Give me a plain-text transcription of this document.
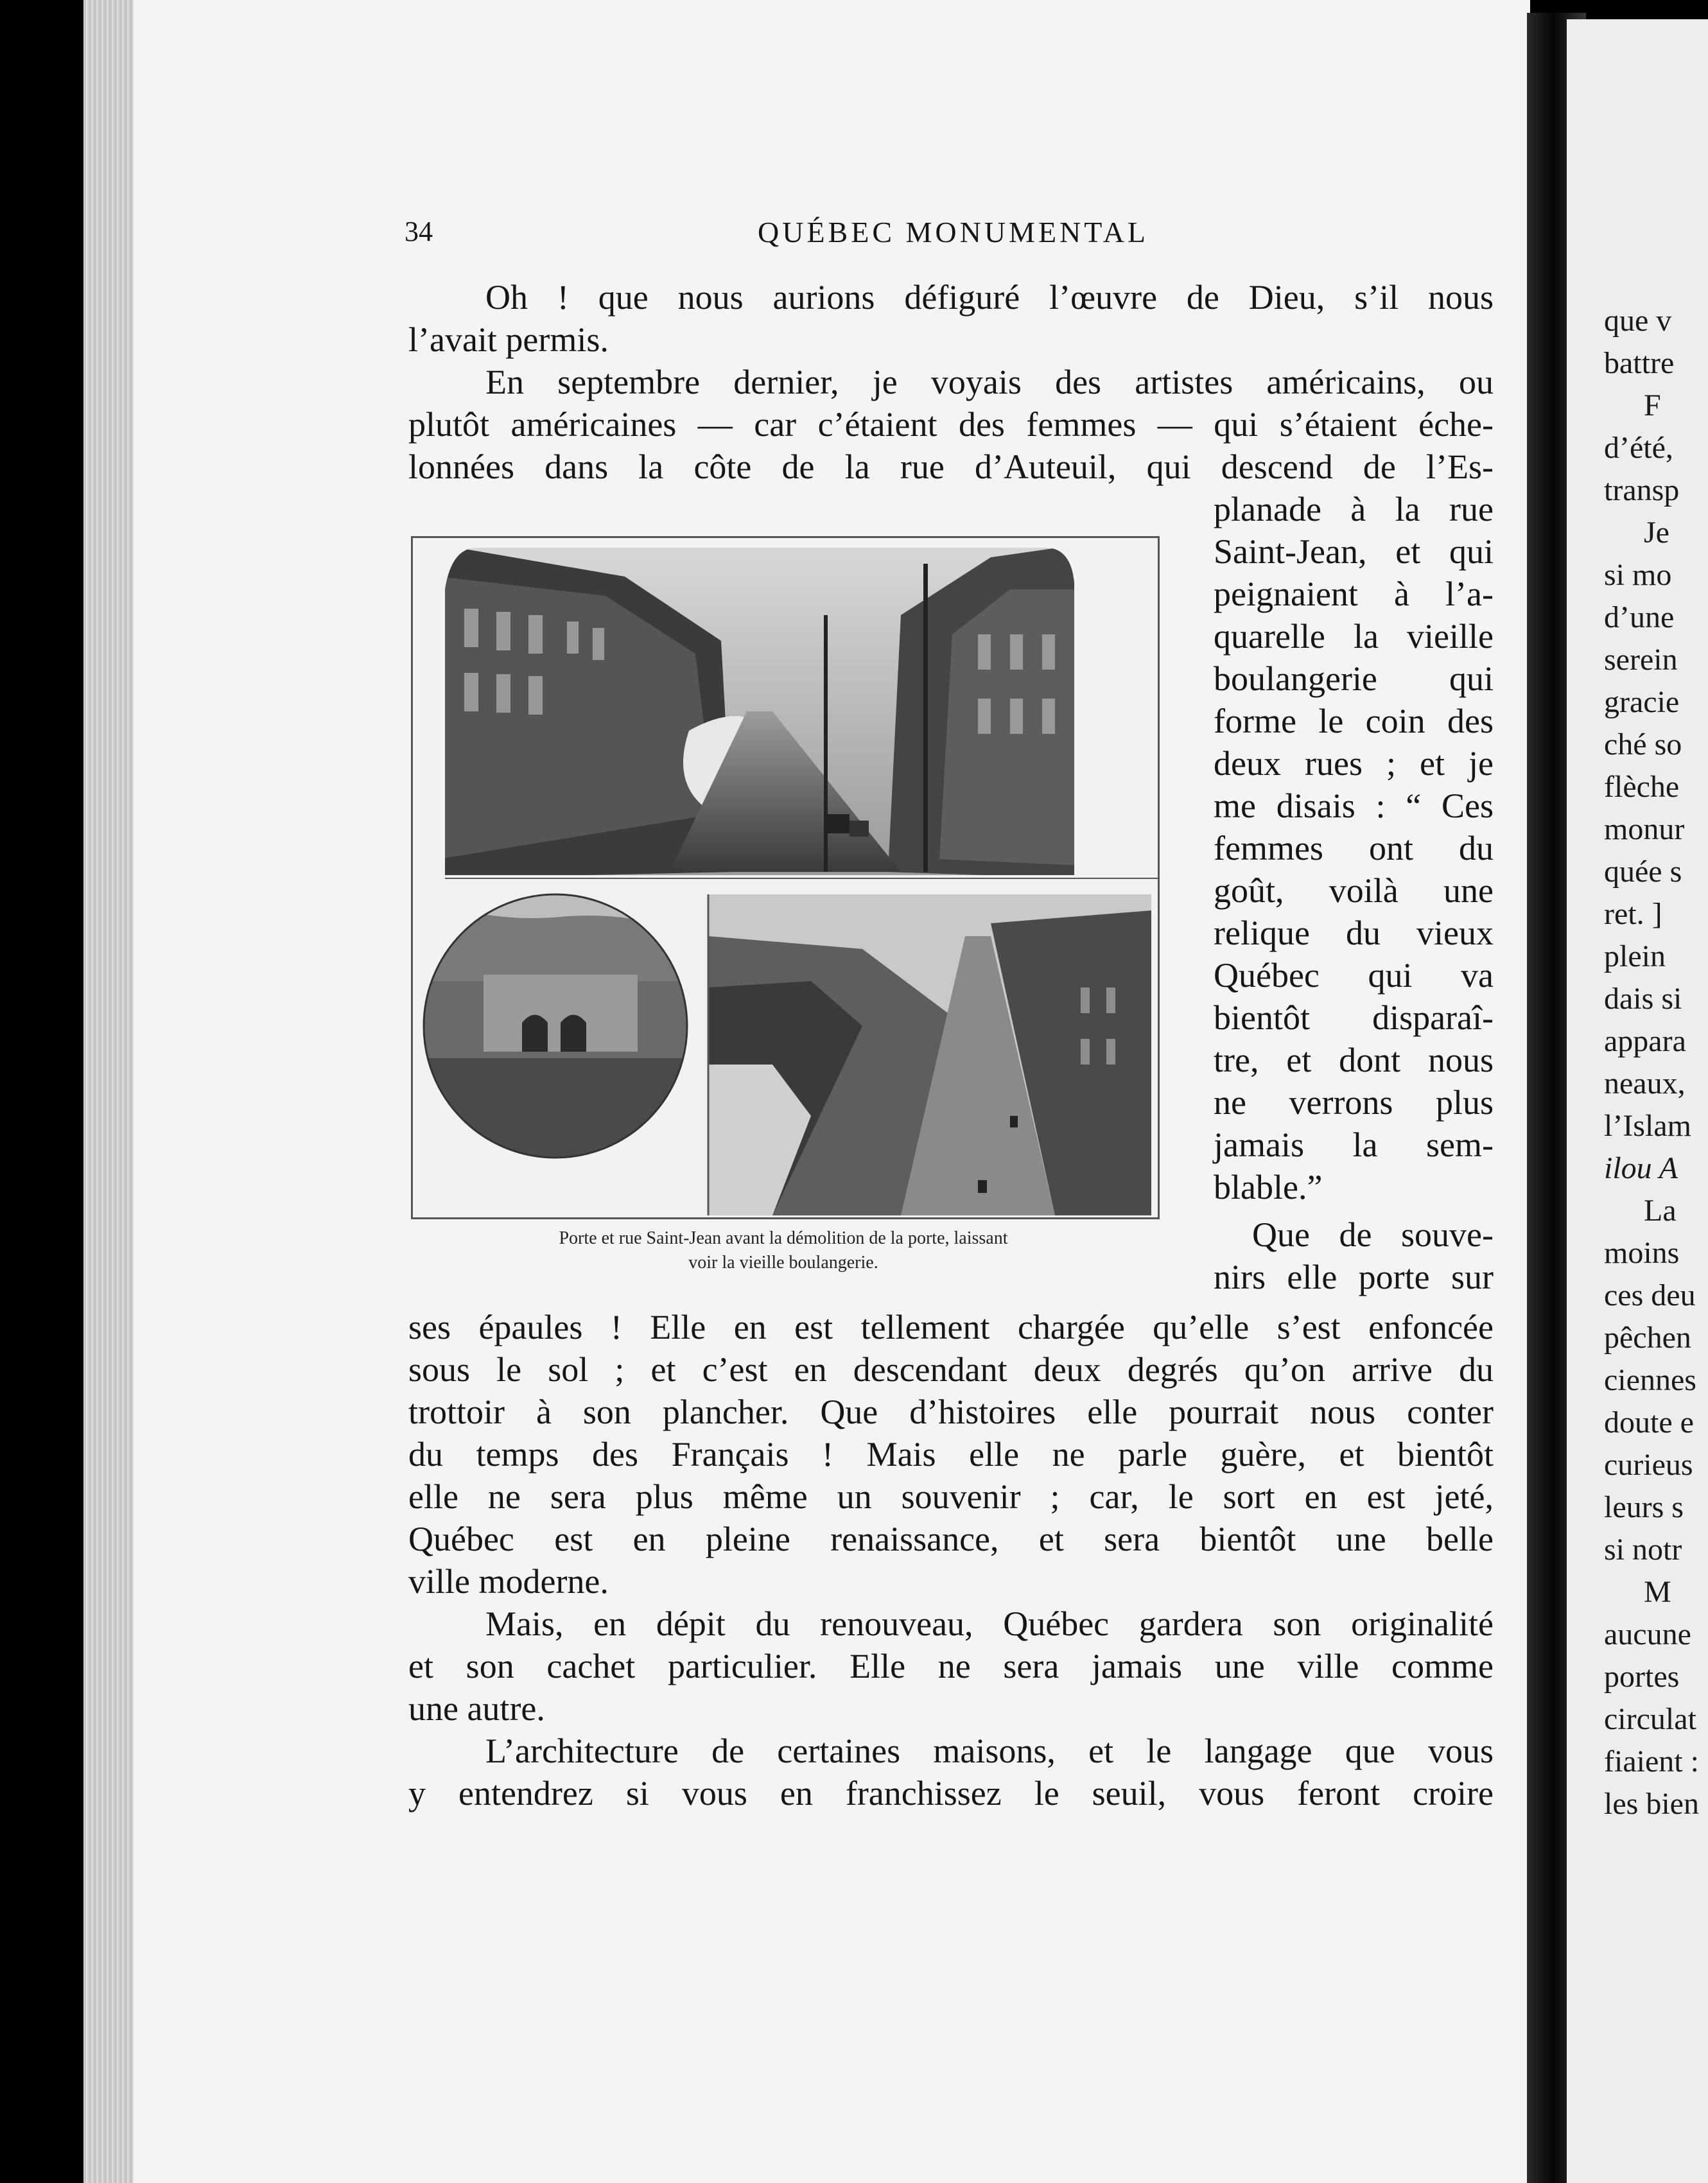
que v
battre
F
d’été,
transp
Je
si mo
d’une
serein
gracie
ché so
flèche
monur
quée s
ret. ]
plein
dais si
appara
neaux,
l’Islam
ilou A
La
moins
ces deu
pêchen
ciennes
doute e
curieus
leurs s
si notr
M
aucune
portes
circulat
fiaient :
les bien
34	QUÉBEC MONUMENTAL
Oh ! que nous aurions défiguré l’œuvre de Dieu, s’il nous
l’avait permis.
En septembre dernier, je voyais des artistes américains, ou
plutôt américaines — car c’étaient des femmes — qui s’étaient éche-
lonnées dans la côte de la rue d’Auteuil, qui descend de l’Es-
planade à la rue
Saint-Jean, et qui
peignaient à l’a-
quarelle la vieille
boulangerie qui
forme le coin des
deux rues ; et je
me disais : “ Ces
femmes ont du
goût, voilà une
relique du vieux
Québec qui va
bientôt disparaî-
tre, et dont nous
ne verrons plus
jamais la sem-
blable.”
Que de souve-
nirs elle porte sur
Porte et rue Saint-Jean avant la démolition de la porte, laissant
voir la vieille boulangerie.
ses épaules ! Elle en est tellement chargée qu’elle s’est enfoncée
sous le sol ; et c’est en descendant deux degrés qu’on arrive du
trottoir à son plancher. Que d’histoires elle pourrait nous conter
du temps des Français ! Mais elle ne parle guère, et bientôt
elle ne sera plus même un souvenir ; car, le sort en est jeté,
Québec est en pleine renaissance, et sera bientôt une belle
ville moderne.
Mais, en dépit du renouveau, Québec gardera son originalité
et son cachet particulier. Elle ne sera jamais une ville comme
une autre.
L’architecture de certaines maisons, et le langage que vous
y entendrez si vous en franchissez le seuil, vous feront croire
